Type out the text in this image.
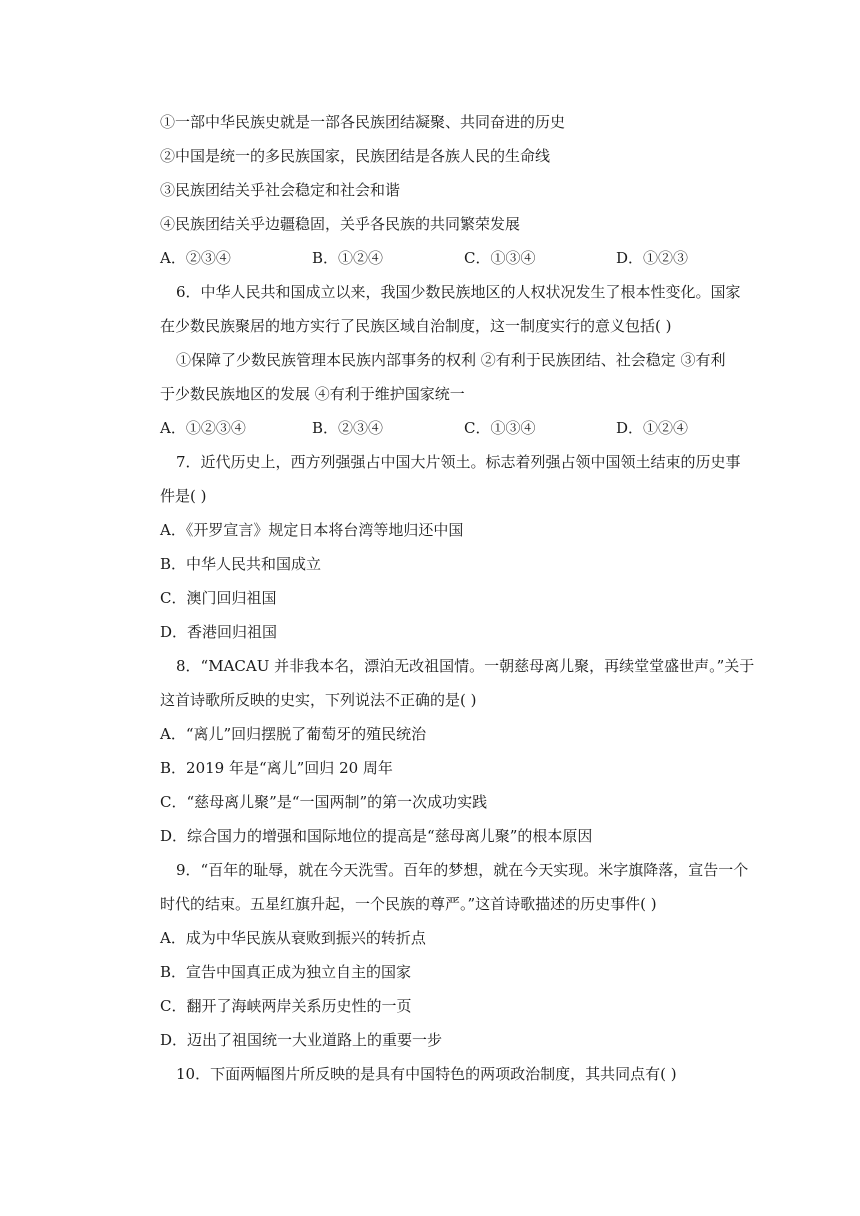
①一部中华民族史就是一部各民族团结凝聚、共同奋进的历史
②中国是统一的多民族国家，民族团结是各族人民的生命线
③民族团结关乎社会稳定和社会和谐
④民族团结关乎边疆稳固，关乎各民族的共同繁荣发展
A．②③④	B．①②④	C．①③④	D．①②③
6．中华人民共和国成立以来，我国少数民族地区的人权状况发生了根本性变化。国家
在少数民族聚居的地方实行了民族区域自治制度，这一制度实行的意义包括( )
①保障了少数民族管理本民族内部事务的权利 ②有利于民族团结、社会稳定 ③有利
于少数民族地区的发展 ④有利于维护国家统一
A．①②③④	B．②③④	C．①③④	D．①②④
7．近代历史上，西方列强强占中国大片领土。标志着列强占领中国领土结束的历史事
件是( )
A．《开罗宣言》规定日本将台湾等地归还中国
B．中华人民共和国成立
C．澳门回归祖国
D．香港回归祖国
8．“MACAU 并非我本名，漂泊无改祖国情。一朝慈母离儿聚，再续堂堂盛世声。”关于
这首诗歌所反映的史实，下列说法不正确的是( )
A．“离儿”回归摆脱了葡萄牙的殖民统治
B．2019 年是“离儿”回归 20 周年
C．“慈母离儿聚”是“一国两制”的第一次成功实践
D．综合国力的增强和国际地位的提高是“慈母离儿聚”的根本原因
9．“百年的耻辱，就在今天洗雪。百年的梦想，就在今天实现。米字旗降落，宣告一个
时代的结束。五星红旗升起，一个民族的尊严。”这首诗歌描述的历史事件( )
A．成为中华民族从衰败到振兴的转折点
B．宣告中国真正成为独立自主的国家
C．翻开了海峡两岸关系历史性的一页
D．迈出了祖国统一大业道路上的重要一步
10．下面两幅图片所反映的是具有中国特色的两项政治制度，其共同点有( )
